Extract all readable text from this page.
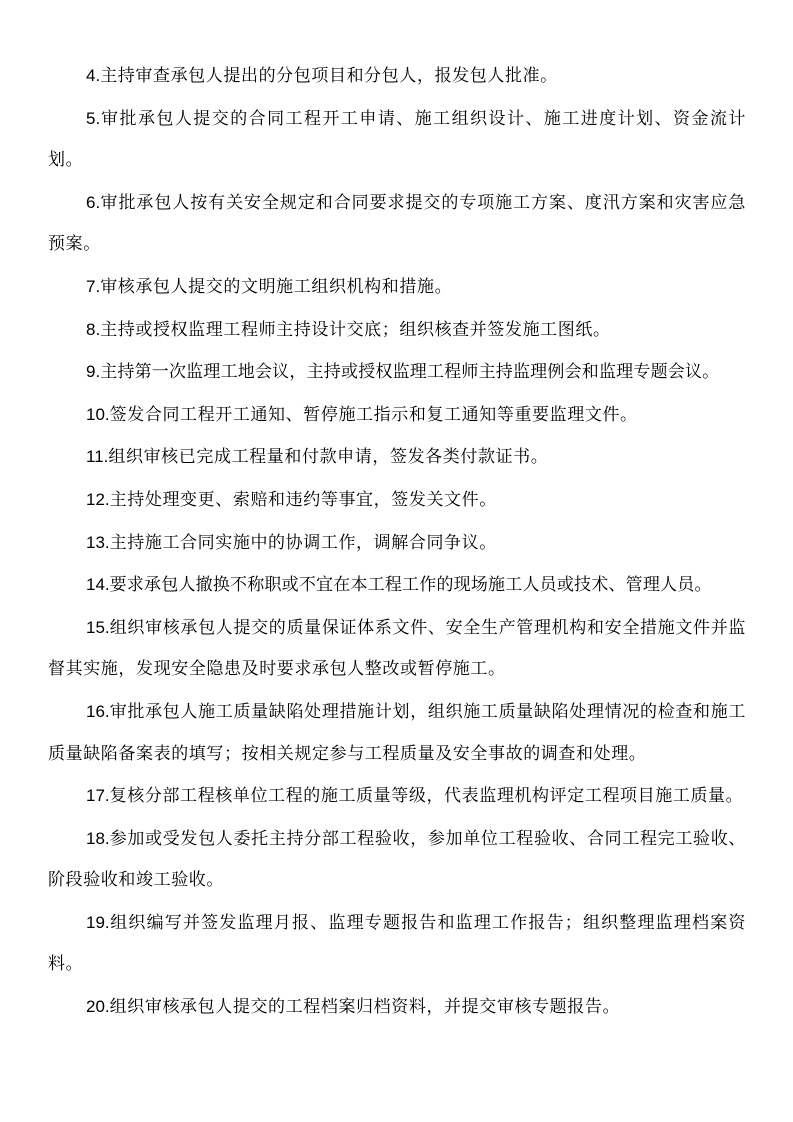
4.主持审查承包人提出的分包项目和分包人，报发包人批准。

5.审批承包人提交的合同工程开工申请、施工组织设计、施工进度计划、资金流计划。

6.审批承包人按有关安全规定和合同要求提交的专项施工方案、度汛方案和灾害应急预案。

7.审核承包人提交的文明施工组织机构和措施。

8.主持或授权监理工程师主持设计交底；组织核查并签发施工图纸。

9.主持第一次监理工地会议，主持或授权监理工程师主持监理例会和监理专题会议。

10.签发合同工程开工通知、暂停施工指示和复工通知等重要监理文件。

11.组织审核已完成工程量和付款申请，签发各类付款证书。

12.主持处理变更、索赔和违约等事宜，签发关文件。

13.主持施工合同实施中的协调工作，调解合同争议。

14.要求承包人撤换不称职或不宜在本工程工作的现场施工人员或技术、管理人员。

15.组织审核承包人提交的质量保证体系文件、安全生产管理机构和安全措施文件并监督其实施，发现安全隐患及时要求承包人整改或暂停施工。

16.审批承包人施工质量缺陷处理措施计划，组织施工质量缺陷处理情况的检查和施工质量缺陷备案表的填写；按相关规定参与工程质量及安全事故的调查和处理。

17.复核分部工程核单位工程的施工质量等级，代表监理机构评定工程项目施工质量。

18.参加或受发包人委托主持分部工程验收，参加单位工程验收、合同工程完工验收、阶段验收和竣工验收。

19.组织编写并签发监理月报、监理专题报告和监理工作报告；组织整理监理档案资料。

20.组织审核承包人提交的工程档案归档资料，并提交审核专题报告。
